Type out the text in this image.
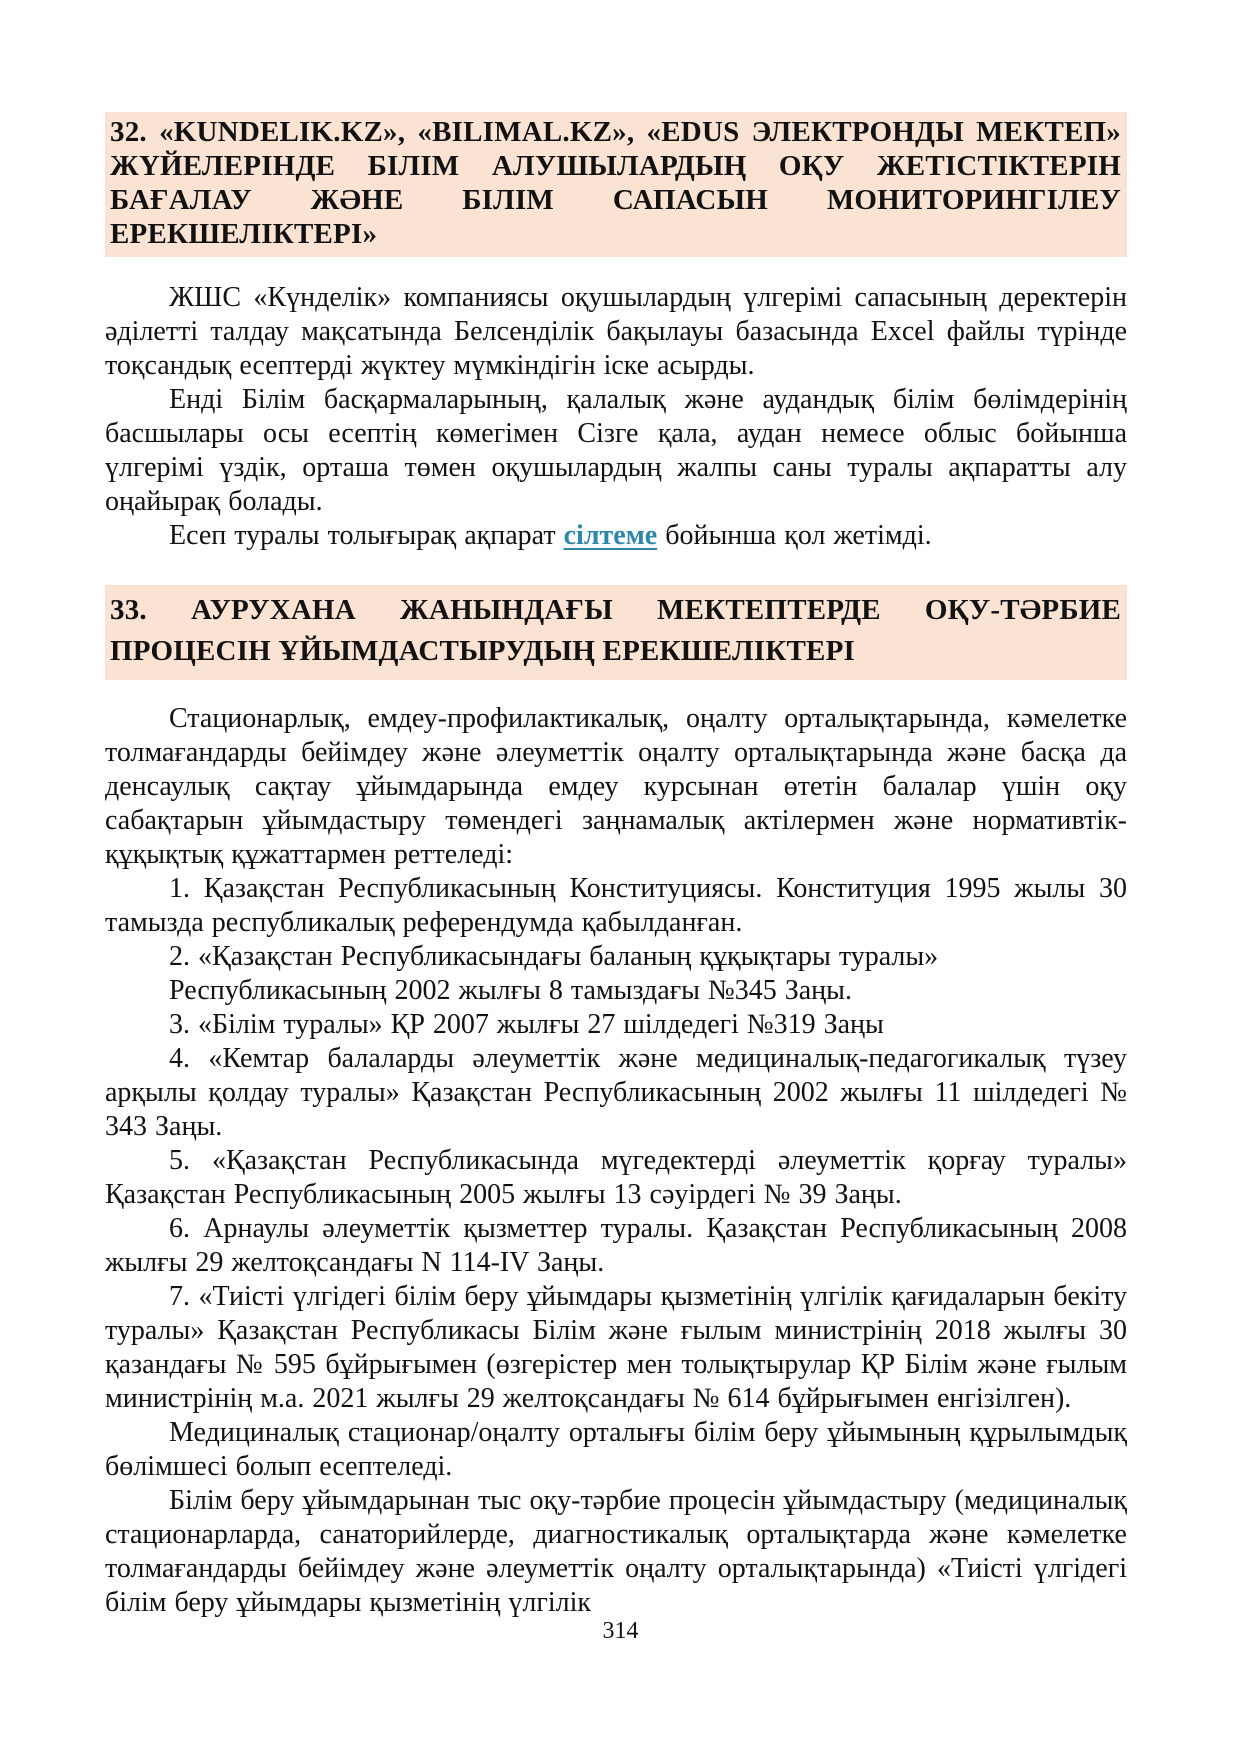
32. «KUNDELIK.KZ», «BILIMAL.KZ», «EDUS ЭЛЕКТРОНДЫ МЕКТЕП» ЖҮЙЕЛЕРІНДЕ БІЛІМ АЛУШЫЛАРДЫҢ ОҚУ ЖЕТІСТІКТЕРІН БАҒАЛАУ ЖӘНЕ БІЛІМ САПАСЫН МОНИТОРИНГІЛЕУ ЕРЕКШЕЛІКТЕРІ»

ЖШС «Күнделік» компаниясы оқушылардың үлгерімі сапасының деректерін әділетті талдау мақсатында Белсенділік бақылауы базасында Excel файлы түрінде тоқсандық есептерді жүктеу мүмкіндігін іске асырды.

Енді Білім басқармаларының, қалалық және аудандық білім бөлімдерінің басшылары осы есептің көмегімен Сізге қала, аудан немесе облыс бойынша үлгерімі үздік, орташа төмен оқушылардың жалпы саны туралы ақпаратты алу оңайырақ болады.

Есеп туралы толығырақ ақпарат сілтеме бойынша қол жетімді.

33. АУРУХАНА ЖАНЫНДАҒЫ МЕКТЕПТЕРДЕ ОҚУ-ТӘРБИЕ ПРОЦЕСІН ҰЙЫМДАСТЫРУДЫҢ ЕРЕКШЕЛІКТЕРІ

Стационарлық, емдеу-профилактикалық, оңалту орталықтарында, кәмелетке толмағандарды бейімдеу және әлеуметтік оңалту орталықтарында және басқа да денсаулық сақтау ұйымдарында емдеу курсынан өтетін балалар үшін оқу сабақтарын ұйымдастыру төмендегі заңнамалық актілермен және нормативтік-құқықтық құжаттармен реттеледі:

1. Қазақстан Республикасының Конституциясы. Конституция 1995 жылы 30 тамызда республикалық референдумда қабылданған.

2. «Қазақстан Республикасындағы баланың құқықтары туралы» Республикасының 2002 жылғы 8 тамыздағы №345 Заңы.

3. «Білім туралы» ҚР 2007 жылғы 27 шілдедегі №319 Заңы

4. «Кемтар балаларды әлеуметтік және медициналық-педагогикалық түзеу арқылы қолдау туралы» Қазақстан Республикасының 2002 жылғы 11 шілдедегі № 343 Заңы.

5. «Қазақстан Республикасында мүгедектерді әлеуметтік қорғау туралы» Қазақстан Республикасының 2005 жылғы 13 сәуірдегі № 39 Заңы.

6. Арнаулы әлеуметтік қызметтер туралы. Қазақстан Республикасының 2008 жылғы 29 желтоқсандағы N 114-IV Заңы.

7. «Тиісті үлгідегі білім беру ұйымдары қызметінің үлгілік қағидаларын бекіту туралы» Қазақстан Республикасы Білім және ғылым министрінің 2018 жылғы 30 қазандағы № 595 бұйрығымен (өзгерістер мен толықтырулар ҚР Білім және ғылым министрінің м.а. 2021 жылғы 29 желтоқсандағы № 614 бұйрығымен енгізілген).

Медициналық стационар/оңалту орталығы білім беру ұйымының құрылымдық бөлімшесі болып есептеледі.

Білім беру ұйымдарынан тыс оқу-тәрбие процесін ұйымдастыру (медициналық стационарларда, санаторийлерде, диагностикалық орталықтарда және кәмелетке толмағандарды бейімдеу және әлеуметтік оңалту орталықтарында) «Тиісті үлгідегі білім беру ұйымдары қызметінің үлгілік

314
